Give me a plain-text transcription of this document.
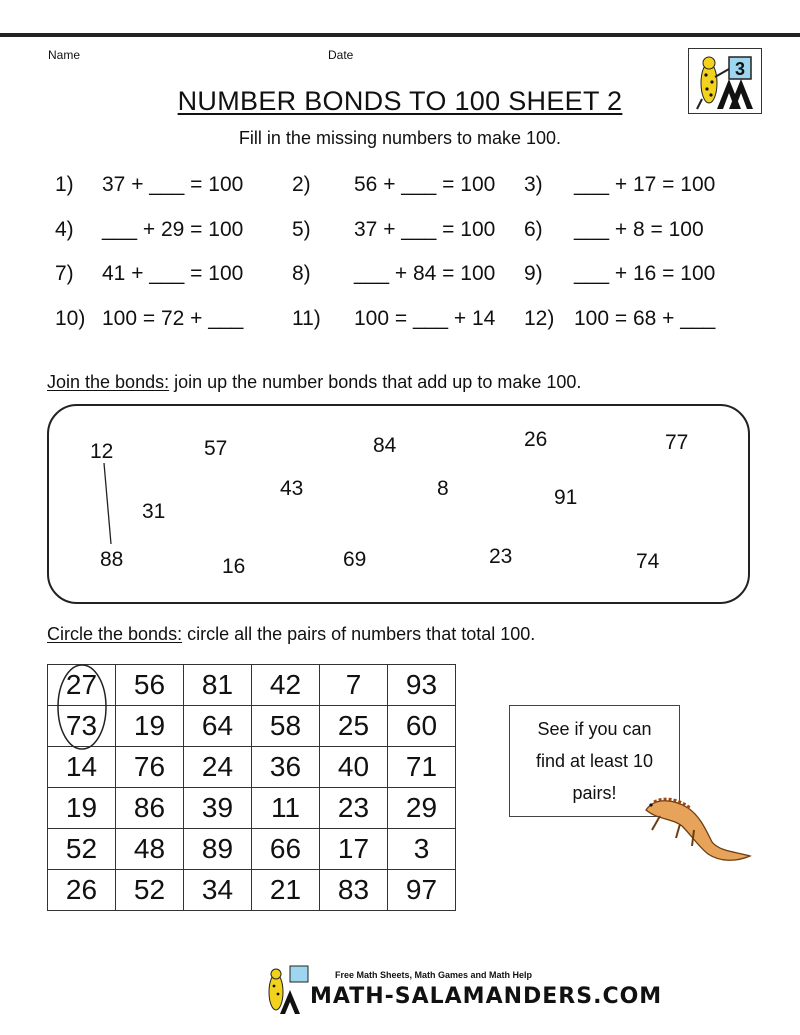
Name	Date
3
NUMBER BONDS TO 100 SHEET 2
Fill in the missing numbers to make 100.
1) 37 + ___ = 100 2) 56 + ___ = 100 3) ___ + 17 = 100
4) ___ + 29 = 100 5) 37 + ___ = 100 6) ___ + 8 = 100
7) 41 + ___ = 100 8) ___ + 84 = 100 9) ___ + 16 = 100
10) 100 = 72 + ___ 11) 100 = ___ + 14 12) 100 = 68 + ___
Join the bonds: join up the number bonds that add up to make 100.
12	57	84	26	77
31
43	8	91
88	16	69	23	74
Circle the bonds: circle all the pairs of numbers that total 100.
27	56	81	42	7	93
73	19	64	58	25	60
14	76	24	36	40	71
19	86	39	11	23	29
52	48	89	66	17	3
26	52	34	21	83	97
See if you can
find at least 10
pairs!
Free Math Sheets, Math Games and Math Help
MATH-SALAMANDERS.COM
